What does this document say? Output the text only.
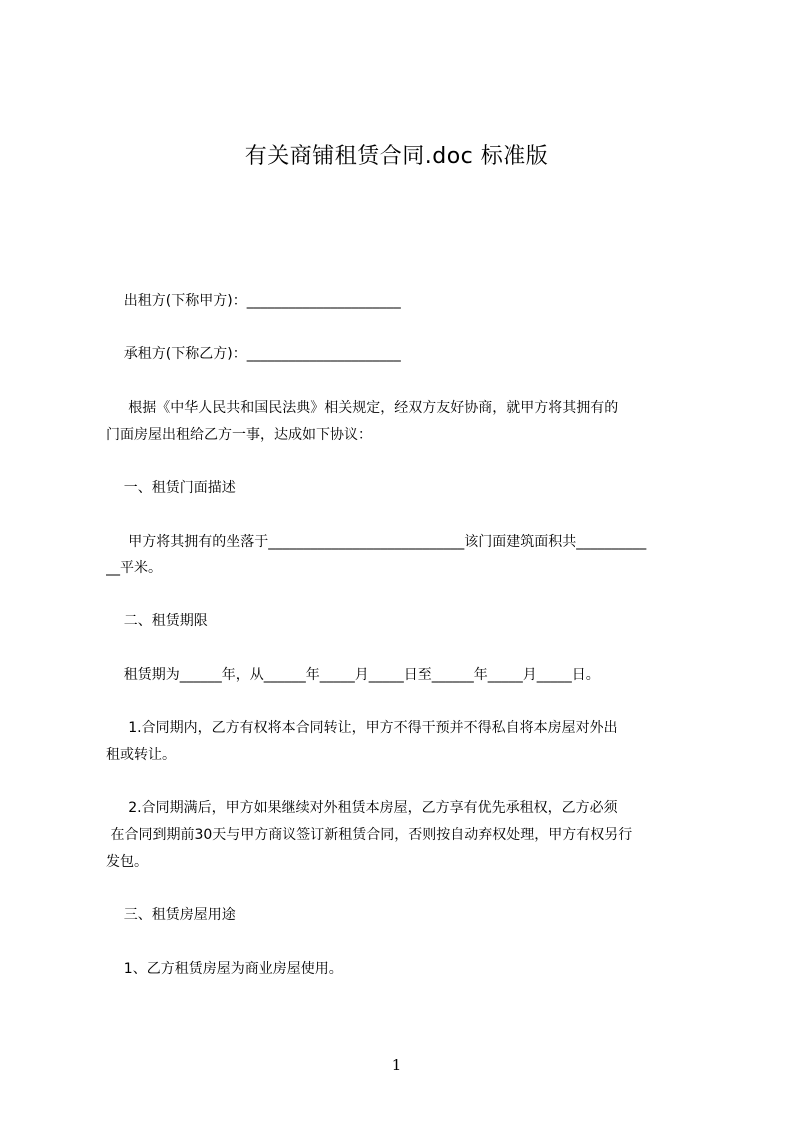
有关商铺租赁合同.doc 标准版
出租方(下称甲方)：______________________
承租方(下称乙方)：______________________
根据《中华人民共和国民法典》相关规定，经双方友好协商，就甲方将其拥有的
门面房屋出租给乙方一事，达成如下协议：
一、租赁门面描述
甲方将其拥有的坐落于____________________________该门面建筑面积共__________
__平米。
二、租赁期限
租赁期为______年，从______年_____月_____日至______年_____月_____日。
1.合同期内，乙方有权将本合同转让，甲方不得干预并不得私自将本房屋对外出
租或转让。
2.合同期满后，甲方如果继续对外租赁本房屋，乙方享有优先承租权，乙方必须
在合同到期前30天与甲方商议签订新租赁合同，否则按自动弃权处理，甲方有权另行
发包。
三、租赁房屋用途
1、乙方租赁房屋为商业房屋使用。
1
